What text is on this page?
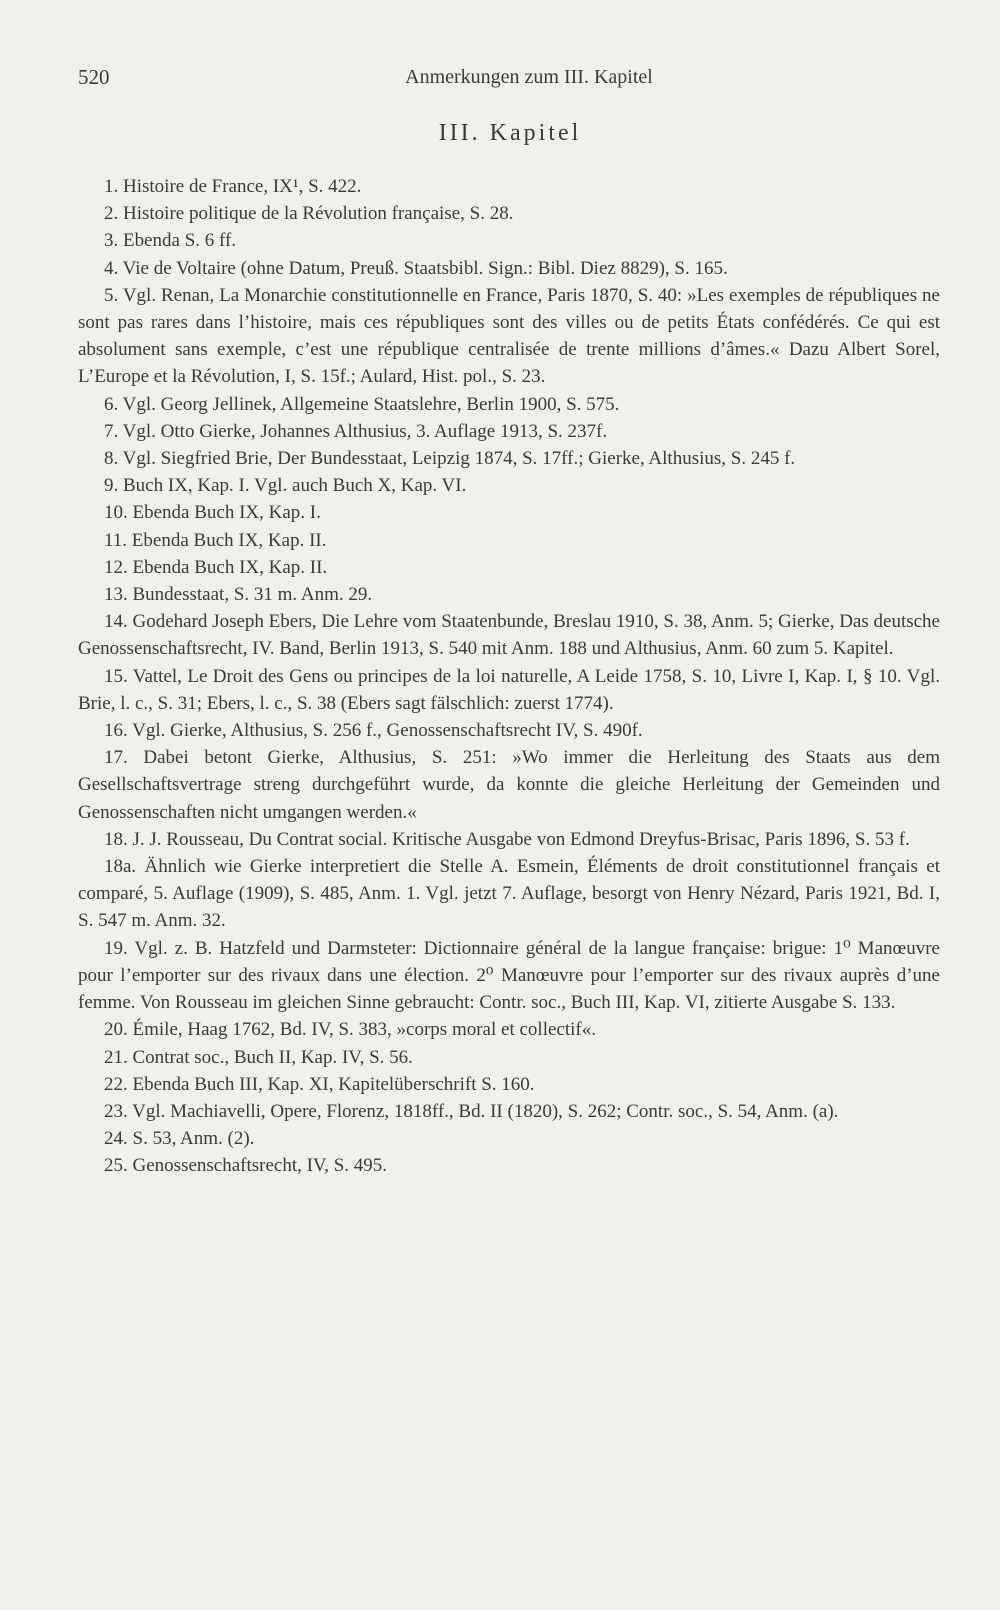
520	Anmerkungen zum III. Kapitel
III. Kapitel

1. Histoire de France, IX¹, S. 422.

2. Histoire politique de la Révolution française, S. 28.

3. Ebenda S. 6 ff.

4. Vie de Voltaire (ohne Datum, Preuß. Staatsbibl. Sign.: Bibl. Diez 8829), S. 165.

5. Vgl. Renan, La Monarchie constitutionnelle en France, Paris 1870, S. 40: »Les exemples de républiques ne sont pas rares dans l’histoire, mais ces républiques sont des villes ou de petits États confédérés. Ce qui est absolument sans exemple, c’est une république centralisée de trente millions d’âmes.« Dazu Albert Sorel, L’Europe et la Révolution, I, S. 15f.; Aulard, Hist. pol., S. 23.

6. Vgl. Georg Jellinek, Allgemeine Staatslehre, Berlin 1900, S. 575.

7. Vgl. Otto Gierke, Johannes Althusius, 3. Auflage 1913, S. 237f.

8. Vgl. Siegfried Brie, Der Bundesstaat, Leipzig 1874, S. 17ff.; Gierke, Althusius, S. 245 f.

9. Buch IX, Kap. I. Vgl. auch Buch X, Kap. VI.

10. Ebenda Buch IX, Kap. I.

11. Ebenda Buch IX, Kap. II.

12. Ebenda Buch IX, Kap. II.

13. Bundesstaat, S. 31 m. Anm. 29.

14. Godehard Joseph Ebers, Die Lehre vom Staatenbunde, Breslau 1910, S. 38, Anm. 5; Gierke, Das deutsche Genossenschaftsrecht, IV. Band, Berlin 1913, S. 540 mit Anm. 188 und Althusius, Anm. 60 zum 5. Kapitel.

15. Vattel, Le Droit des Gens ou principes de la loi naturelle, A Leide 1758, S. 10, Livre I, Kap. I, § 10. Vgl. Brie, l. c., S. 31; Ebers, l. c., S. 38 (Ebers sagt fälschlich: zuerst 1774).

16. Vgl. Gierke, Althusius, S. 256 f., Genossenschaftsrecht IV, S. 490f.

17. Dabei betont Gierke, Althusius, S. 251: »Wo immer die Herleitung des Staats aus dem Gesellschaftsvertrage streng durchgeführt wurde, da konnte die gleiche Herleitung der Gemeinden und Genossenschaften nicht umgangen werden.«

18. J. J. Rousseau, Du Contrat social. Kritische Ausgabe von Edmond Dreyfus-Brisac, Paris 1896, S. 53 f.

18a. Ähnlich wie Gierke interpretiert die Stelle A. Esmein, Éléments de droit constitutionnel français et comparé, 5. Auflage (1909), S. 485, Anm. 1. Vgl. jetzt 7. Auflage, besorgt von Henry Nézard, Paris 1921, Bd. I, S. 547 m. Anm. 32.

19. Vgl. z. B. Hatzfeld und Darmsteter: Dictionnaire général de la langue française: brigue: 1⁰ Manœuvre pour l’emporter sur des rivaux dans une élection. 2⁰ Manœuvre pour l’emporter sur des rivaux auprès d’une femme. Von Rousseau im gleichen Sinne gebraucht: Contr. soc., Buch III, Kap. VI, zitierte Ausgabe S. 133.

20. Émile, Haag 1762, Bd. IV, S. 383, »corps moral et collectif«.

21. Contrat soc., Buch II, Kap. IV, S. 56.

22. Ebenda Buch III, Kap. XI, Kapitelüberschrift S. 160.

23. Vgl. Machiavelli, Opere, Florenz, 1818ff., Bd. II (1820), S. 262; Contr. soc., S. 54, Anm. (a).

24. S. 53, Anm. (2).

25. Genossenschaftsrecht, IV, S. 495.
